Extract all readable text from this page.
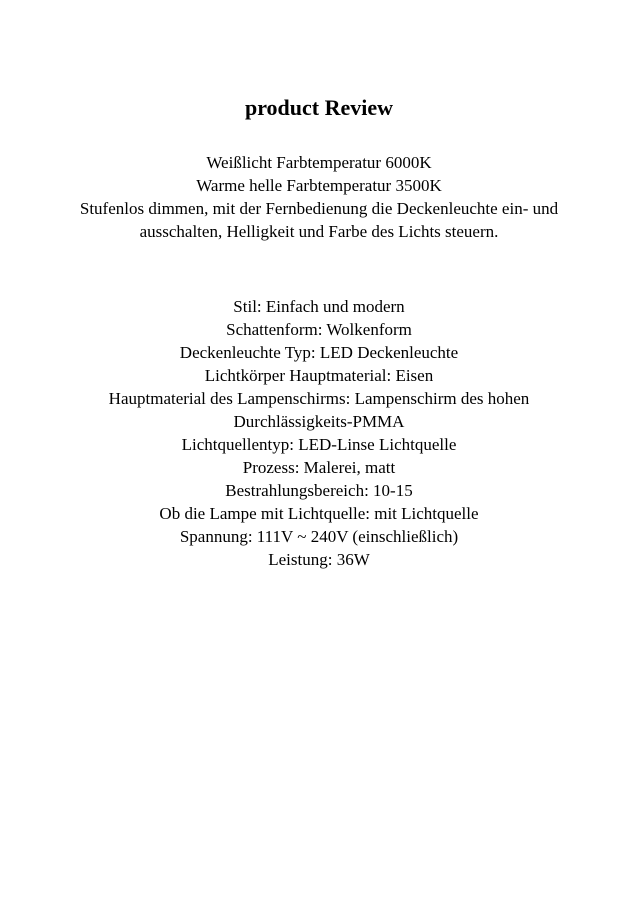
product Review
Weißlicht Farbtemperatur 6000K
Warme helle Farbtemperatur 3500K
Stufenlos dimmen, mit der Fernbedienung die Deckenleuchte ein- und
ausschalten, Helligkeit und Farbe des Lichts steuern.
Stil: Einfach und modern
Schattenform: Wolkenform
Deckenleuchte Typ: LED Deckenleuchte
Lichtkörper Hauptmaterial: Eisen
Hauptmaterial des Lampenschirms: Lampenschirm des hohen
Durchlässigkeits-PMMA
Lichtquellentyp: LED-Linse Lichtquelle
Prozess: Malerei, matt
Bestrahlungsbereich: 10-15
Ob die Lampe mit Lichtquelle: mit Lichtquelle
Spannung: 111V ~ 240V (einschließlich)
Leistung: 36W
